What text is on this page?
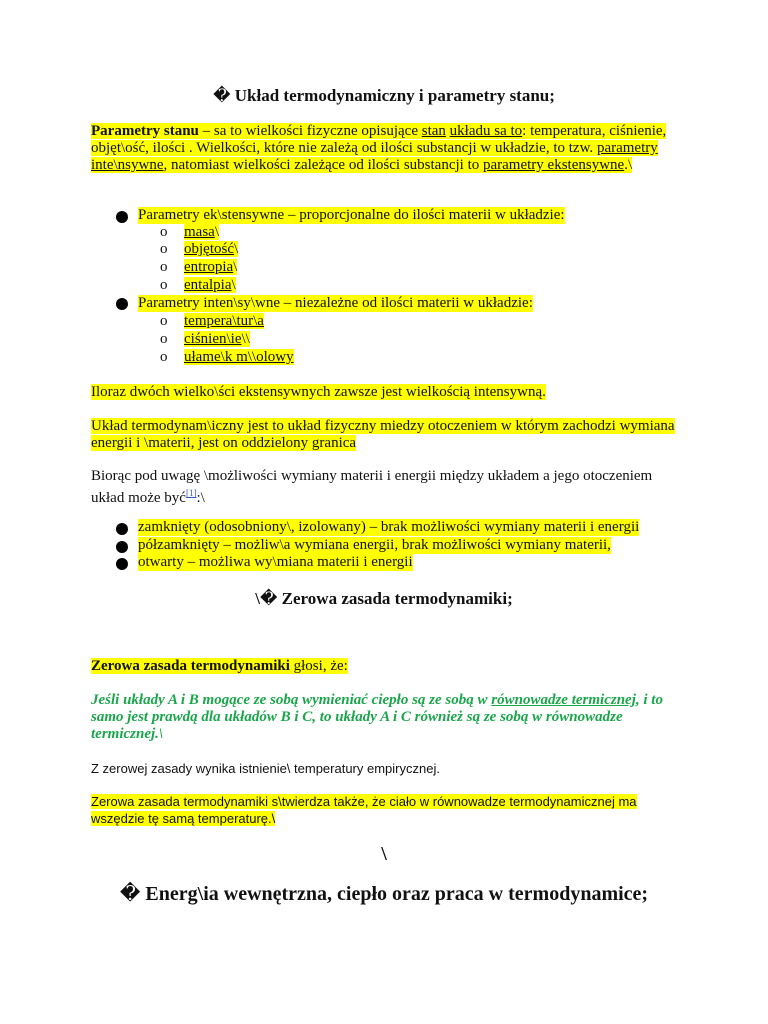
� Układ termodynamiczny i parametry stanu;
Parametry stanu – sa to wielkości fizyczne opisujące stan układu sa to: temperatura, ciśnienie, objęt\ość, ilości . Wielkości, które nie zależą od ilości substancji w układzie, to tzw. parametry inte\nsywne, natomiast wielkości zależące od ilości substancji to parametry ekstensywne.\
Parametry ek\stensywne – proporcjonalne do ilości materii w układzie:
o masa\
o objętość\
o entropia\
o entalpia\
Parametry inten\sy\wne – niezależne od ilości materii w układzie:
o tempera\tur\a
o ciśnien\ie\\
o ułame\k m\\olowy
Iloraz dwóch wielko\ści ekstensywnych zawsze jest wielkością intensywną.
Układ termodynam\iczny jest to układ fizyczny miedzy otoczeniem w którym zachodzi wymiana energii i \materii, jest on oddzielony granica
Biorąc pod uwagę \możliwości wymiany materii i energii między układem a jego otoczeniem układ może być[1]:\
zamknięty (odosobniony\, izolowany) – brak możliwości wymiany materii i energii
półzamknięty – możliw\a wymiana energii, brak możliwości wymiany materii,
otwarty – możliwa wy\miana materii i energii
\� Zerowa zasada termodynamiki;
Zerowa zasada termodynamiki głosi, że:
Jeśli układy A i B mogące ze sobą wymieniać ciepło są ze sobą w równowadze termicznej, i to samo jest prawdą dla układów B i C, to układy A i C również są ze sobą w równowadze termicznej.\
Z zerowej zasady wynika istnienie\ temperatury empirycznej.
Zerowa zasada termodynamiki s\twierdza także, że ciało w równowadze termodynamicznej ma wszędzie tę samą temperaturę.\
\
� Energ\ia wewnętrzna, ciepło oraz praca w termodynamice;
